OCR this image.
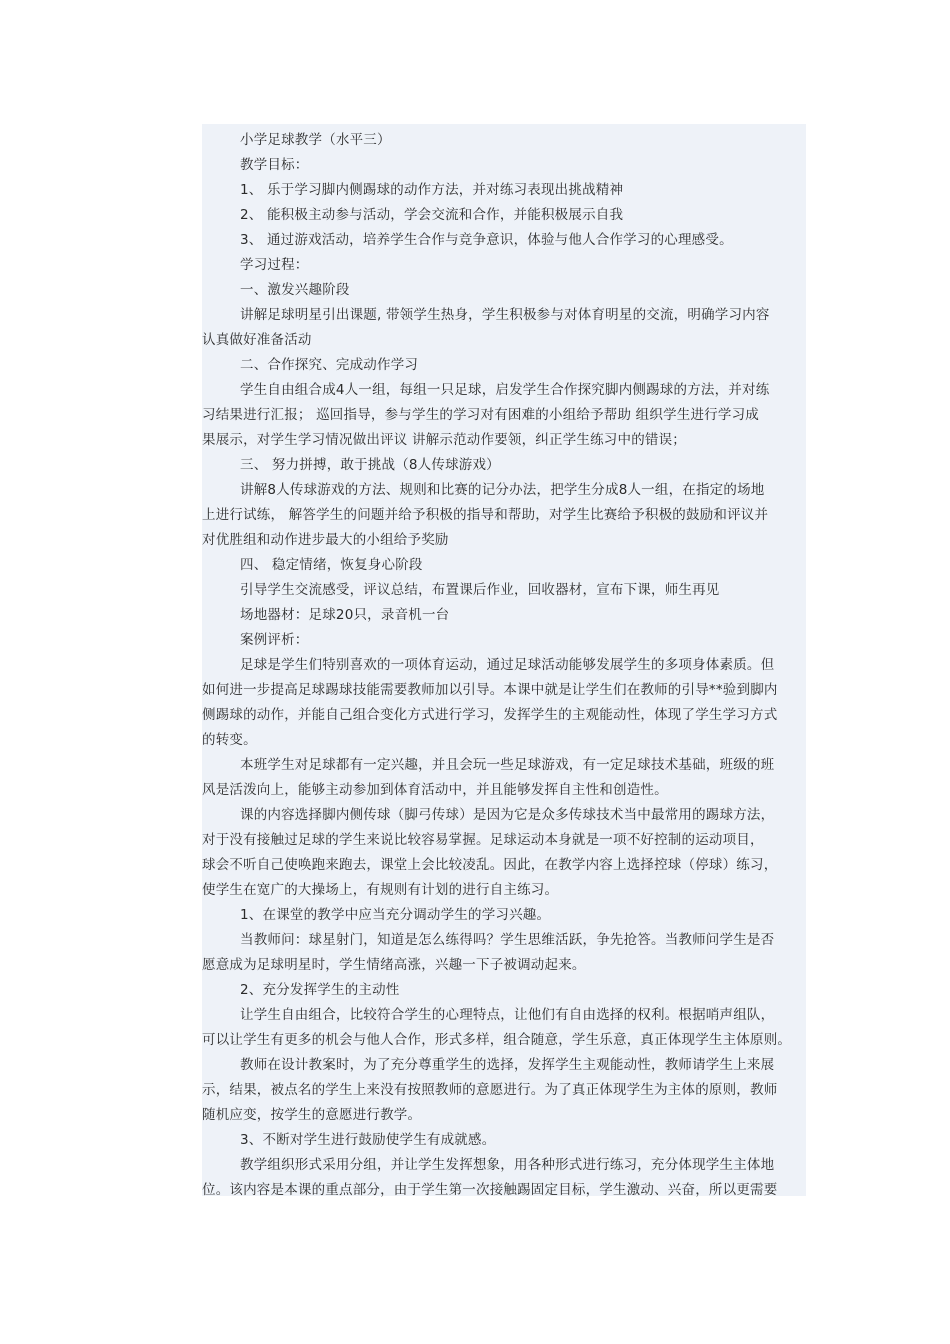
小学足球教学（水平三）
教学目标：
1、 乐于学习脚内侧踢球的动作方法，并对练习表现出挑战精神
2、 能积极主动参与活动，学会交流和合作，并能积极展示自我
3、 通过游戏活动，培养学生合作与竞争意识，体验与他人合作学习的心理感受。
学习过程：
一、激发兴趣阶段
讲解足球明星引出课题, 带领学生热身，学生积极参与对体育明星的交流，明确学习内容
认真做好准备活动
二、合作探究、完成动作学习
学生自由组合成4人一组，每组一只足球，启发学生合作探究脚内侧踢球的方法，并对练
习结果进行汇报； 巡回指导，参与学生的学习对有困难的小组给予帮助 组织学生进行学习成
果展示，对学生学习情况做出评议 讲解示范动作要领，纠正学生练习中的错误；
三、 努力拼搏，敢于挑战（8人传球游戏）
讲解8人传球游戏的方法、规则和比赛的记分办法，把学生分成8人一组，在指定的场地
上进行试练， 解答学生的问题并给予积极的指导和帮助，对学生比赛给予积极的鼓励和评议并
对优胜组和动作进步最大的小组给予奖励
四、 稳定情绪，恢复身心阶段
引导学生交流感受，评议总结，布置课后作业，回收器材，宣布下课，师生再见
场地器材：足球20只，录音机一台
案例评析：
足球是学生们特别喜欢的一项体育运动，通过足球活动能够发展学生的多项身体素质。但
如何进一步提高足球踢球技能需要教师加以引导。本课中就是让学生们在教师的引导**验到脚内
侧踢球的动作，并能自己组合变化方式进行学习，发挥学生的主观能动性，体现了学生学习方式
的转变。
本班学生对足球都有一定兴趣，并且会玩一些足球游戏，有一定足球技术基础，班级的班
风是活泼向上，能够主动参加到体育活动中，并且能够发挥自主性和创造性。
课的内容选择脚内侧传球（脚弓传球）是因为它是众多传球技术当中最常用的踢球方法，
对于没有接触过足球的学生来说比较容易掌握。足球运动本身就是一项不好控制的运动项目，
球会不听自己使唤跑来跑去，课堂上会比较凌乱。因此，在教学内容上选择控球（停球）练习，
使学生在宽广的大操场上，有规则有计划的进行自主练习。
1、在课堂的教学中应当充分调动学生的学习兴趣。
当教师问：球星射门，知道是怎么练得吗？学生思维活跃，争先抢答。当教师问学生是否
愿意成为足球明星时，学生情绪高涨，兴趣一下子被调动起来。
2、充分发挥学生的主动性
让学生自由组合，比较符合学生的心理特点，让他们有自由选择的权利。根据哨声组队，
可以让学生有更多的机会与他人合作，形式多样，组合随意，学生乐意，真正体现学生主体原则。
教师在设计教案时，为了充分尊重学生的选择，发挥学生主观能动性，教师请学生上来展
示，结果，被点名的学生上来没有按照教师的意愿进行。为了真正体现学生为主体的原则，教师
随机应变，按学生的意愿进行教学。
3、不断对学生进行鼓励使学生有成就感。
教学组织形式采用分组，并让学生发挥想象，用各种形式进行练习，充分体现学生主体地
位。该内容是本课的重点部分，由于学生第一次接触踢固定目标，学生激动、兴奋，所以更需要
